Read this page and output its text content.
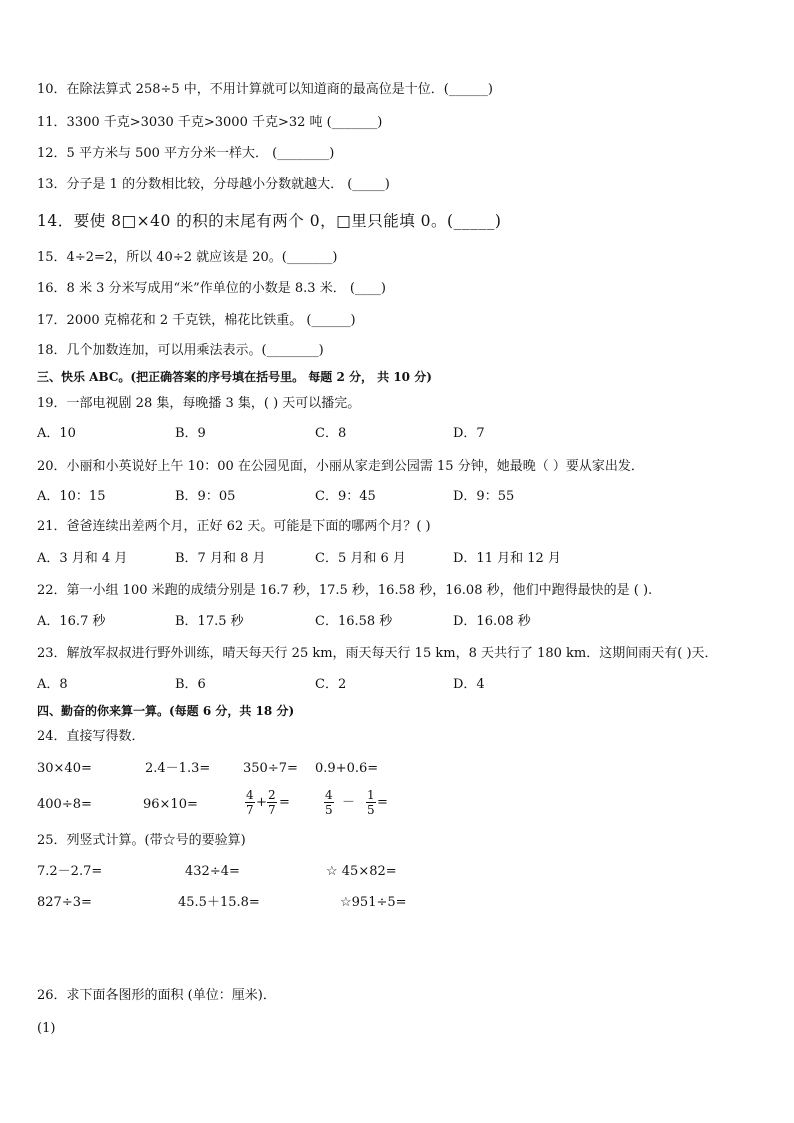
10．在除法算式 258÷5 中，不用计算就可以知道商的最高位是十位．(______)
11．3300 千克>3030 千克>3000 千克>32 吨 (_______)
12．5 平方米与 500 平方分米一样大． (________)
13．分子是 1 的分数相比较，分母越小分数就越大． (_____)
14．要使 8□×40 的积的末尾有两个 0，□里只能填 0。(_____)
15．4÷2=2，所以 40÷2 就应该是 20。(_______)
16．8 米 3 分米写成用“米”作单位的小数是 8.3 米． (____)
17．2000 克棉花和 2 千克铁，棉花比铁重。 (______)
18．几个加数连加，可以用乘法表示。(________)
三、快乐 ABC。(把正确答案的序号填在括号里。 每题 2 分， 共 10 分)
19．一部电视剧 28 集，每晚播 3 集，( ) 天可以播完。
A．10	B．9	C．8	D．7
20．小丽和小英说好上午 10：00 在公园见面，小丽从家走到公园需 15 分钟，她最晚（ ）要从家出发．
A．10：15	B．9：05	C．9：45	D．9：55
21．爸爸连续出差两个月，正好 62 天。可能是下面的哪两个月？( )
A．3 月和 4 月	B．7 月和 8 月	C．5 月和 6 月	D．11 月和 12 月
22．第一小组 100 米跑的成绩分别是 16.7 秒，17.5 秒，16.58 秒，16.08 秒，他们中跑得最快的是 ( ).
A．16.7 秒	B．17.5 秒	C．16.58 秒	D．16.08 秒
23．解放军叔叔进行野外训练，晴天每天行 25 km，雨天每天行 15 km，8 天共行了 180 km．这期间雨天有( )天．
A．8	B．6	C．2	D．4
四、勤奋的你来算一算。(每题 6 分，共 18 分)
24．直接写得数．
30×40=	2.4－1.3=	350÷7= 0.9+0.6=
400÷8=	96×10=	$\frac{4}{7} + \frac{2}{7}$ =	$\frac{4}{5} - \frac{1}{5}$ =
25．列竖式计算。(带☆号的要验算)
7.2－2.7=	432÷4=	☆ 45×82=
827÷3=	45.5＋15.8=	☆951÷5=
26．求下面各图形的面积 (单位：厘米)．
(1)
